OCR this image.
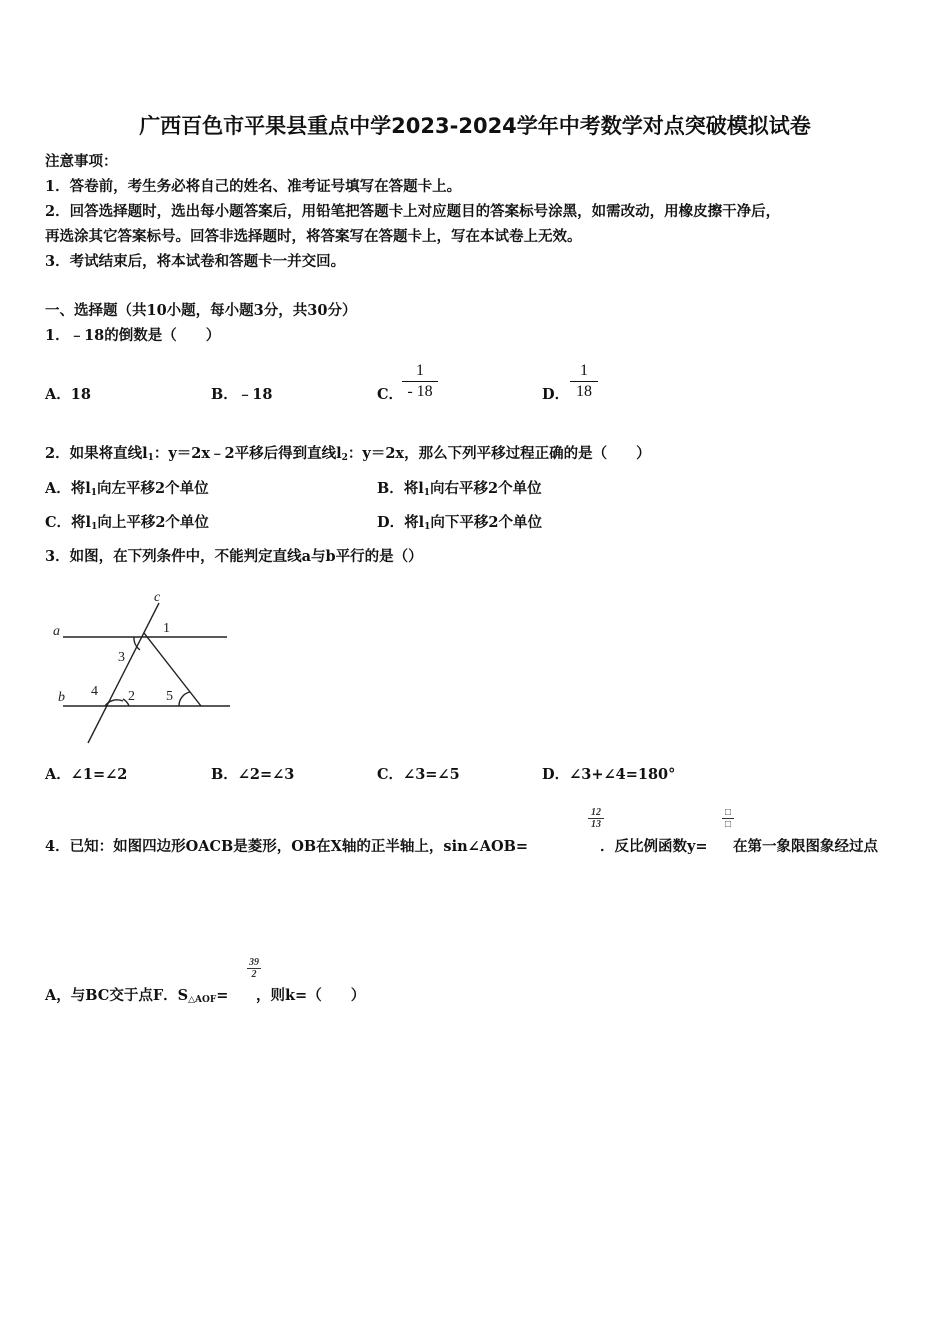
广西百色市平果县重点中学2023-2024学年中考数学对点突破模拟试卷
注意事项：
1．答卷前，考生务必将自己的姓名、准考证号填写在答题卡上。
2．回答选择题时，选出每小题答案后，用铅笔把答题卡上对应题目的答案标号涂黑，如需改动，用橡皮擦干净后，
再选涂其它答案标号。回答非选择题时，将答案写在答题卡上，写在本试卷上无效。
3．考试结束后，将本试卷和答题卡一并交回。
一、选择题（共10小题，每小题3分，共30分）
1．﹣18的倒数是（　　）
A．18	B．﹣18	C．
1
- 18	D．
1
18
2．如果将直线$l_1$：y＝2x﹣2平移后得到直线$l_2$：y＝2x，那么下列平移过程正确的是（　　）
A．将$l_1$向左平移2个单位	B．将$l_1$向右平移2个单位
C．将$l_1$向上平移2个单位	D．将$l_1$向下平移2个单位
3．如图，在下列条件中，不能判定直线a与b平行的是（）
a
b
c
1
3
4 2 5
A．∠1=∠2	B．∠2=∠3	C．∠3=∠5	D．∠3+∠4=180°
4．已知：如图四边形OACB是菱形，OB在X轴的正半轴上，sin∠AOB=
12
13
．反比例函数y=
□
□
在第一象限图象经过点
A，与BC交于点F．$S_{\triangle AOF}=$
39
2
，则k=（　　）
